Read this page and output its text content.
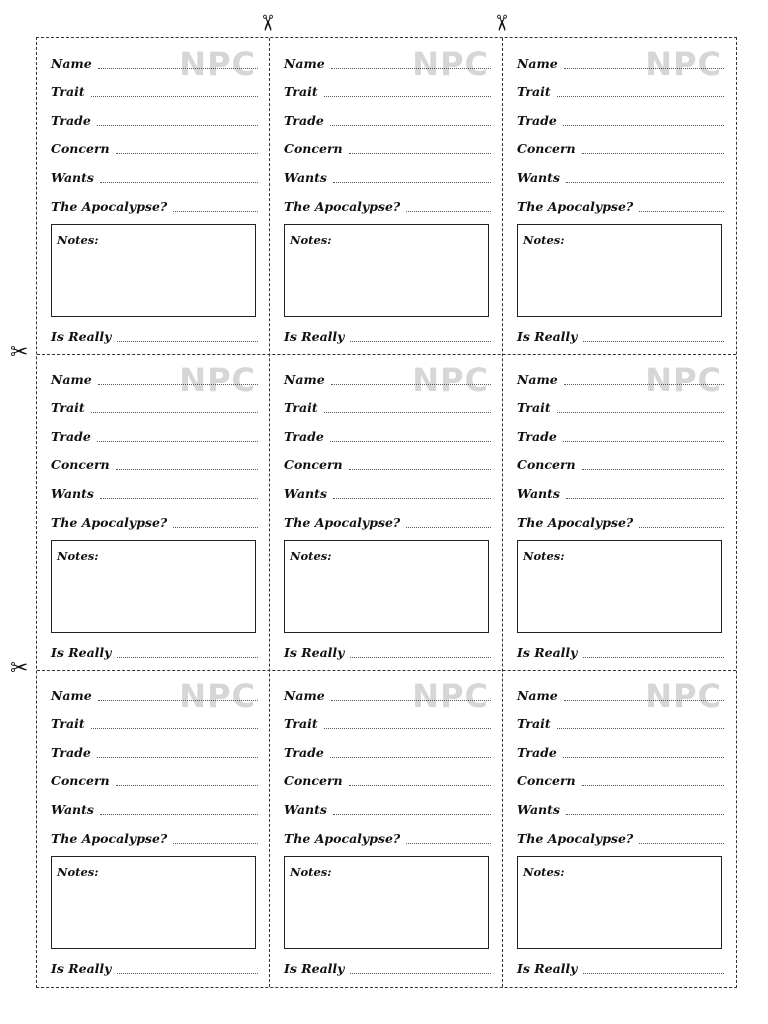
NPC
Name
Trait
Trade
Concern
Wants
The Apocalypse?
Notes:
Is Really
NPC
Name
Trait
Trade
Concern
Wants
The Apocalypse?
Notes:
Is Really
NPC
Name
Trait
Trade
Concern
Wants
The Apocalypse?
Notes:
Is Really
NPC
Name
Trait
Trade
Concern
Wants
The Apocalypse?
Notes:
Is Really
NPC
Name
Trait
Trade
Concern
Wants
The Apocalypse?
Notes:
Is Really
NPC
Name
Trait
Trade
Concern
Wants
The Apocalypse?
Notes:
Is Really
NPC
Name
Trait
Trade
Concern
Wants
The Apocalypse?
Notes:
Is Really
NPC
Name
Trait
Trade
Concern
Wants
The Apocalypse?
Notes:
Is Really
NPC
Name
Trait
Trade
Concern
Wants
The Apocalypse?
Notes:
Is Really
✂	✂
✂
✂
